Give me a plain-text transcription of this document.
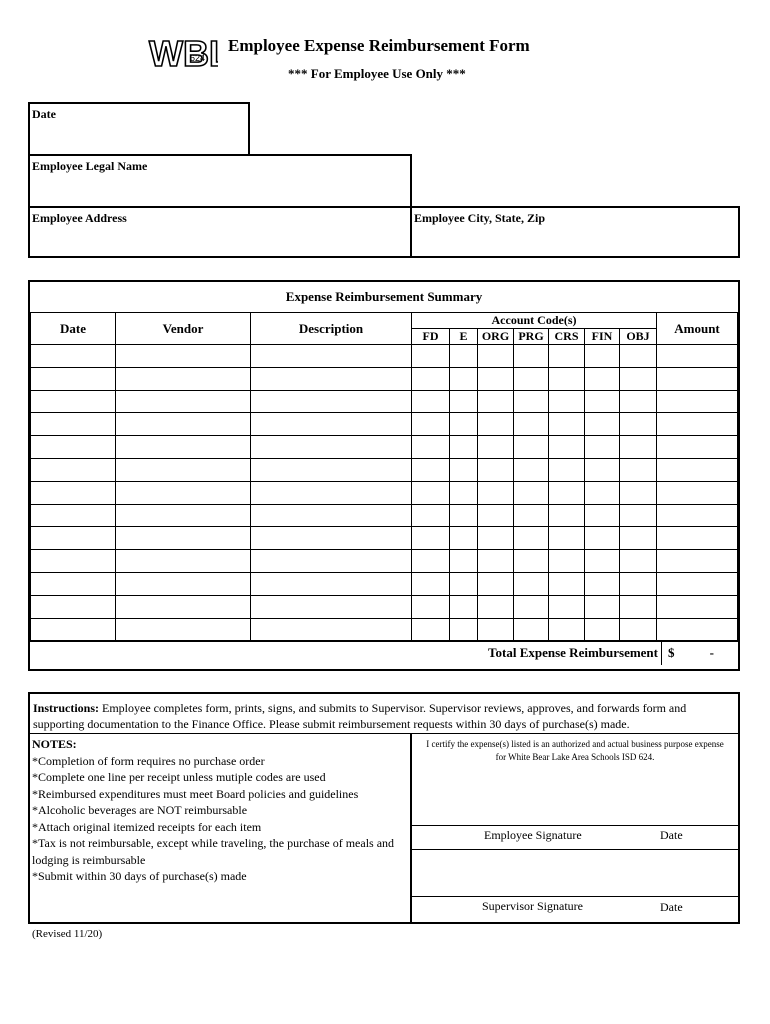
WB
624
Employee Expense Reimbursement Form
*** For Employee Use Only ***
Date
Employee Legal Name
Employee Address	Employee City, State, Zip
Expense Reimbursement Summary
Date	Vendor	Description	Account Code(s)							Amount
			FD	E	ORG	PRG	CRS	FIN	OBJ	

Total Expense Reimbursement $	-
Instructions: Employee completes form, prints, signs, and submits to Supervisor. Supervisor reviews, approves, and forwards form and supporting documentation to the Finance Office. Please submit reimbursement requests within 30 days of purchase(s) made.
NOTES:
*Completion of form requires no purchase order
*Complete one line per receipt unless mutiple codes are used
*Reimbursed expenditures must meet Board policies and guidelines
*Alcoholic beverages are NOT reimbursable
*Attach original itemized receipts for each item
*Tax is not reimbursable, except while traveling, the purchase of meals and lodging is reimbursable
*Submit within 30 days of purchase(s) made
I certify the expense(s) listed is an authorized and actual business purpose expense for White Bear Lake Area Schools ISD 624.
Employee Signature	Date
Supervisor Signature	Date
(Revised 11/20)
